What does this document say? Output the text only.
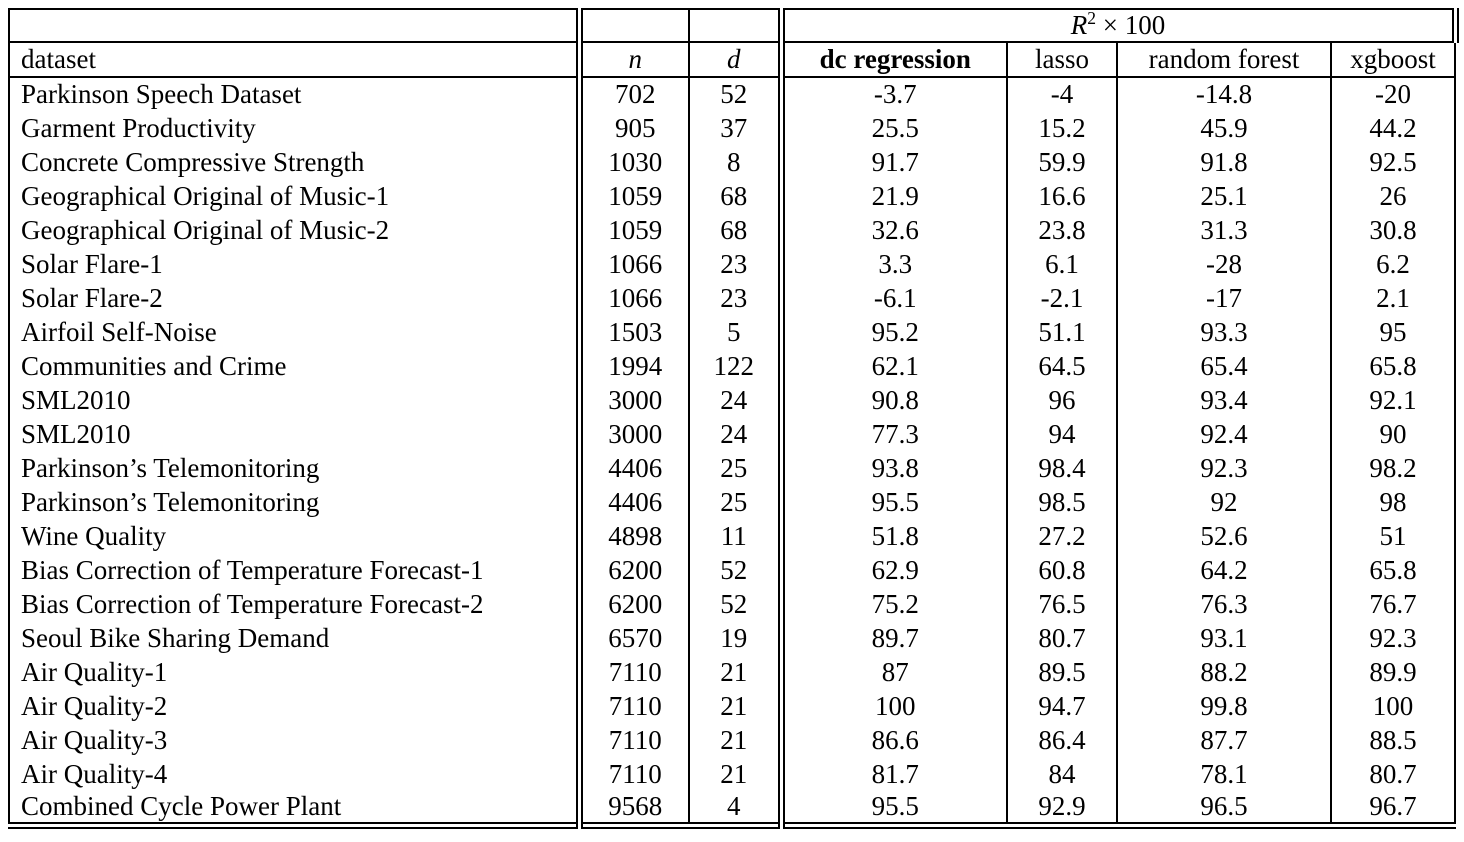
			$R^2 \times 100$			
dataset	n	d	dc regression	lasso	random forest	xgboost
Parkinson Speech Dataset	702	52	-3.7	-4	-14.8	-20
Garment Productivity	905	37	25.5	15.2	45.9	44.2
Concrete Compressive Strength	1030	8	91.7	59.9	91.8	92.5
Geographical Original of Music-1	1059	68	21.9	16.6	25.1	26
Geographical Original of Music-2	1059	68	32.6	23.8	31.3	30.8
Solar Flare-1	1066	23	3.3	6.1	-28	6.2
Solar Flare-2	1066	23	-6.1	-2.1	-17	2.1
Airfoil Self-Noise	1503	5	95.2	51.1	93.3	95
Communities and Crime	1994	122	62.1	64.5	65.4	65.8
SML2010	3000	24	90.8	96	93.4	92.1
SML2010	3000	24	77.3	94	92.4	90
Parkinson’s Telemonitoring	4406	25	93.8	98.4	92.3	98.2
Parkinson’s Telemonitoring	4406	25	95.5	98.5	92	98
Wine Quality	4898	11	51.8	27.2	52.6	51
Bias Correction of Temperature Forecast-1	6200	52	62.9	60.8	64.2	65.8
Bias Correction of Temperature Forecast-2	6200	52	75.2	76.5	76.3	76.7
Seoul Bike Sharing Demand	6570	19	89.7	80.7	93.1	92.3
Air Quality-1	7110	21	87	89.5	88.2	89.9
Air Quality-2	7110	21	100	94.7	99.8	100
Air Quality-3	7110	21	86.6	86.4	87.7	88.5
Air Quality-4	7110	21	81.7	84	78.1	80.7
Combined Cycle Power Plant	9568	4	95.5	92.9	96.5	96.7
